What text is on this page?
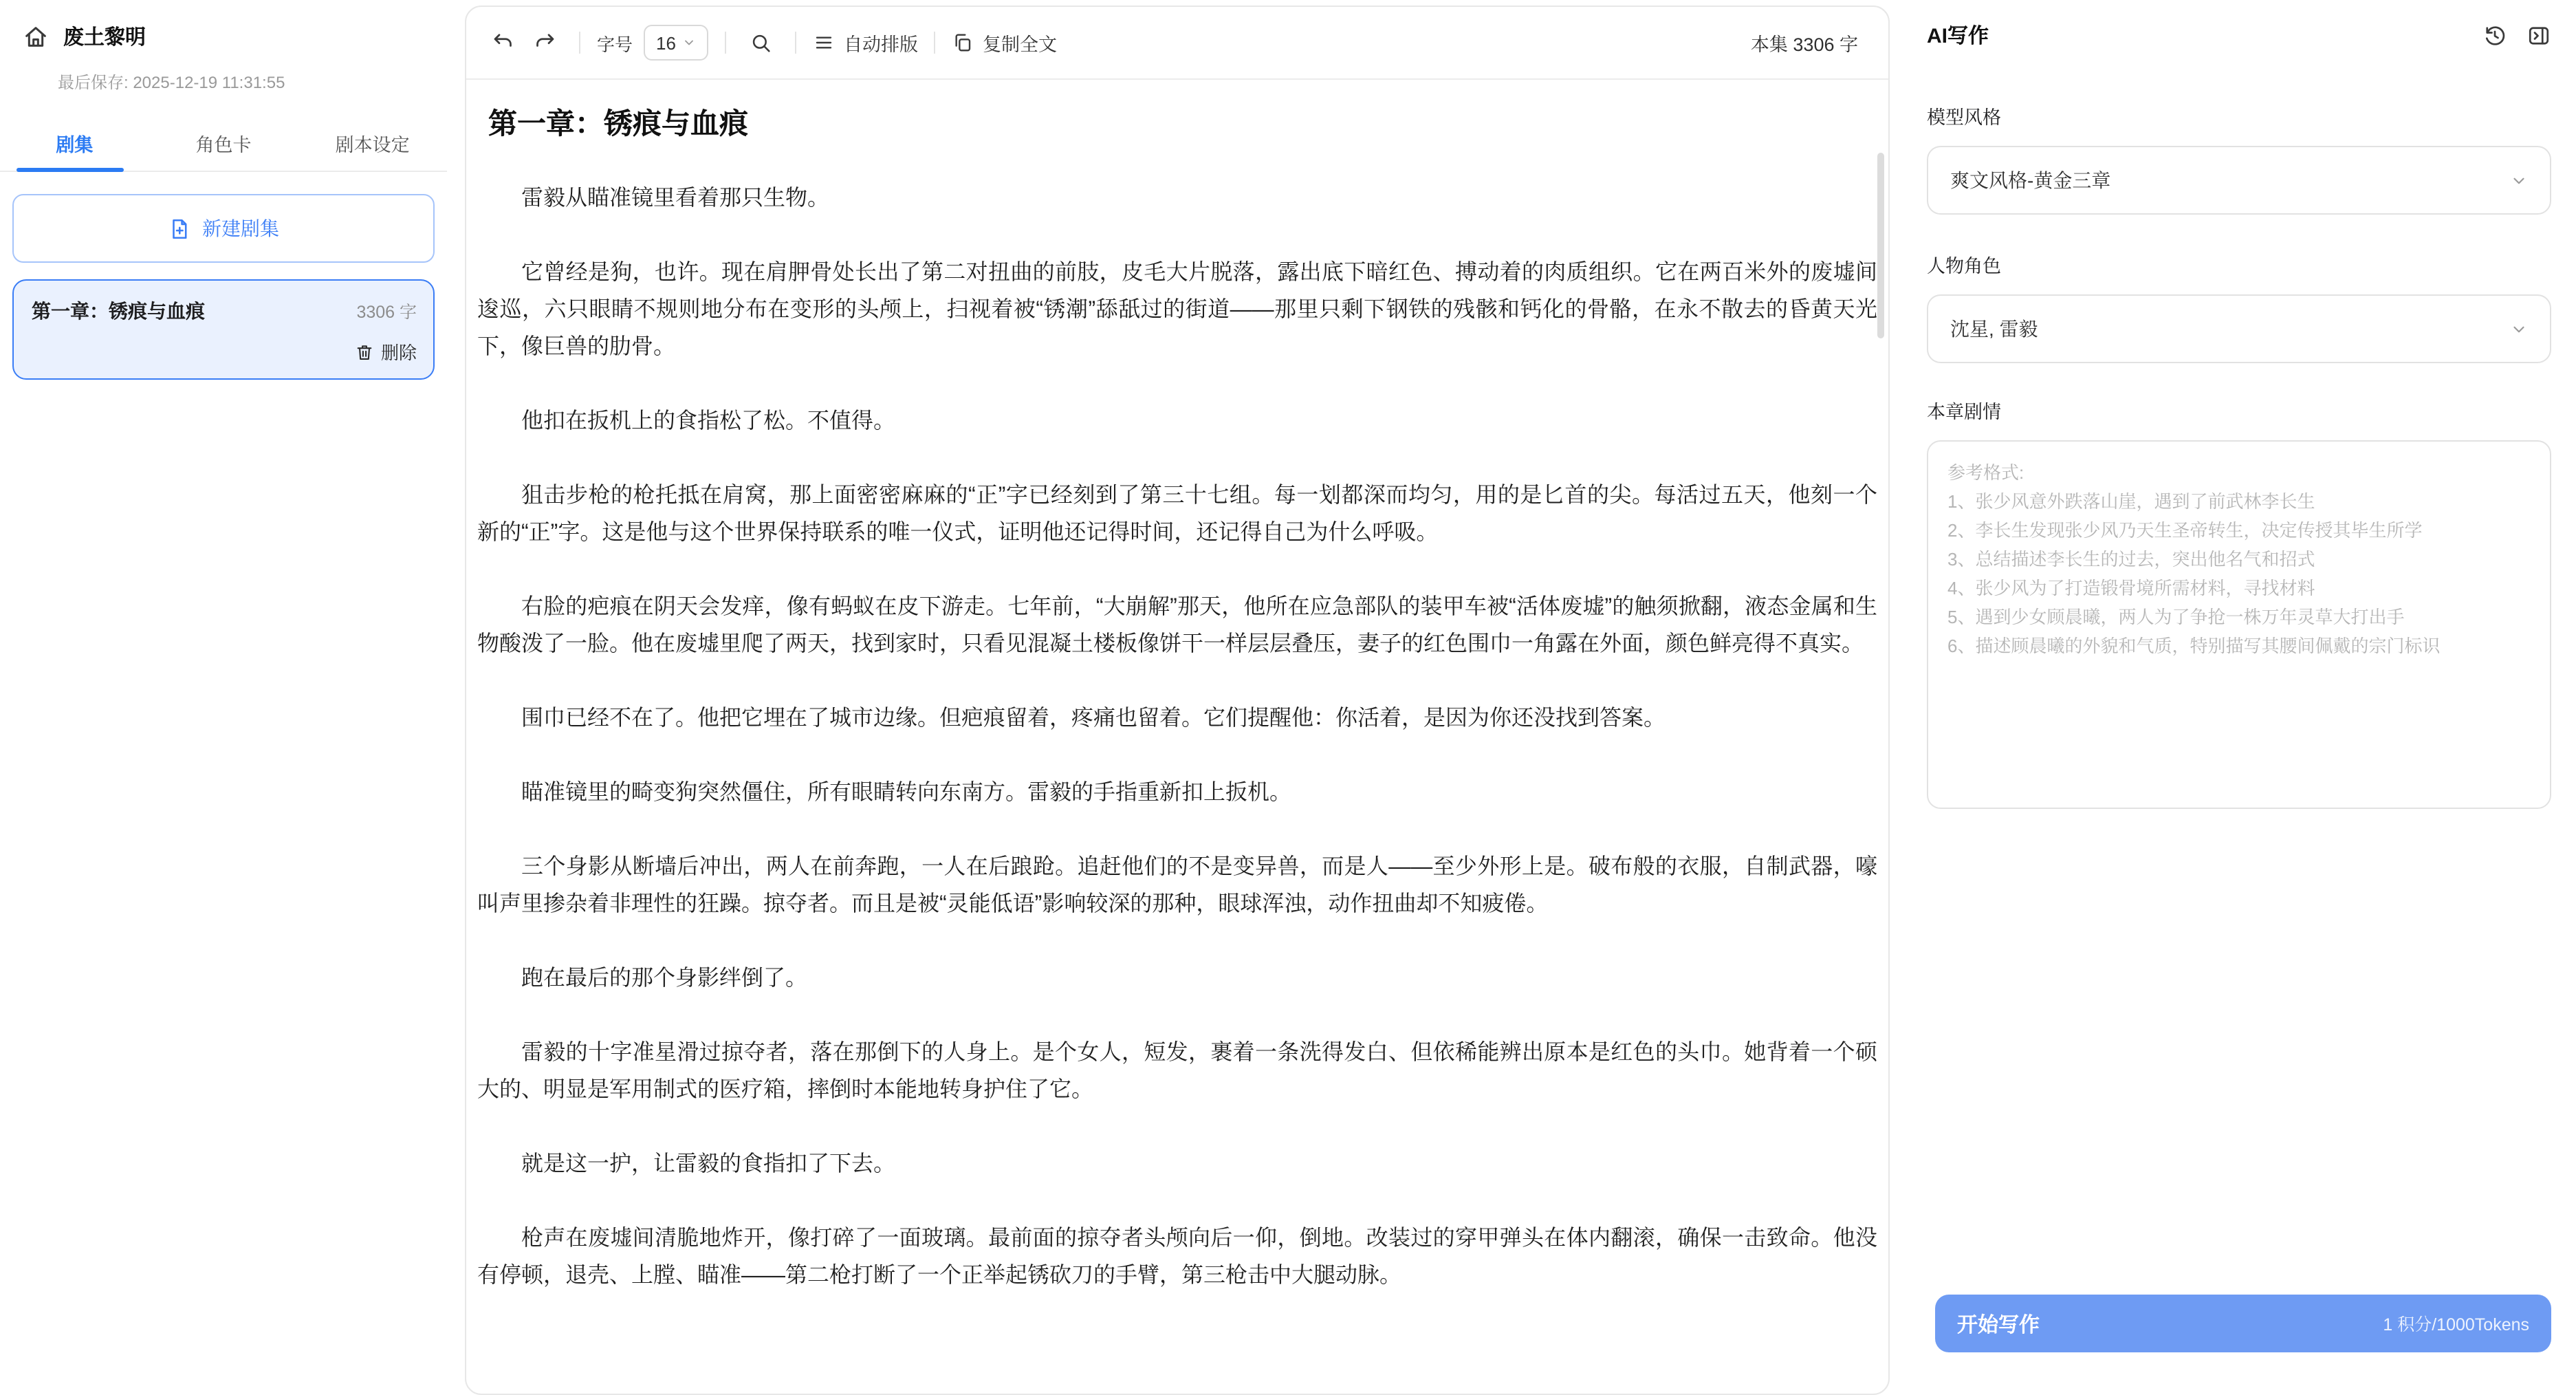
废土黎明
最后保存: 2025-12-19 11:31:55
剧集	角色卡	剧本设定
新建剧集
第一章：锈痕与血痕	3306 字
删除
字号	16	自动排版	复制全文	本集 3306 字
第一章：锈痕与血痕

雷毅从瞄准镜里看着那只生物。

它曾经是狗，也许。现在肩胛骨处长出了第二对扭曲的前肢，皮毛大片脱落，露出底下暗红色、搏动着的肉质组织。它在两百米外的废墟间逡巡，六只眼睛不规则地分布在变形的头颅上，扫视着被“锈潮”舔舐过的街道——那里只剩下钢铁的残骸和钙化的骨骼，在永不散去的昏黄天光下，像巨兽的肋骨。

他扣在扳机上的食指松了松。不值得。

狙击步枪的枪托抵在肩窝，那上面密密麻麻的“正”字已经刻到了第三十七组。每一划都深而均匀，用的是匕首的尖。每活过五天，他刻一个新的“正”字。这是他与这个世界保持联系的唯一仪式，证明他还记得时间，还记得自己为什么呼吸。

右脸的疤痕在阴天会发痒，像有蚂蚁在皮下游走。七年前，“大崩解”那天，他所在应急部队的装甲车被“活体废墟”的触须掀翻，液态金属和生物酸泼了一脸。他在废墟里爬了两天，找到家时，只看见混凝土楼板像饼干一样层层叠压，妻子的红色围巾一角露在外面，颜色鲜亮得不真实。

围巾已经不在了。他把它埋在了城市边缘。但疤痕留着，疼痛也留着。它们提醒他：你活着，是因为你还没找到答案。

瞄准镜里的畸变狗突然僵住，所有眼睛转向东南方。雷毅的手指重新扣上扳机。

三个身影从断墙后冲出，两人在前奔跑，一人在后踉跄。追赶他们的不是变异兽，而是人——至少外形上是。破布般的衣服，自制武器，嚎叫声里掺杂着非理性的狂躁。掠夺者。而且是被“灵能低语”影响较深的那种，眼球浑浊，动作扭曲却不知疲倦。

跑在最后的那个身影绊倒了。

雷毅的十字准星滑过掠夺者，落在那倒下的人身上。是个女人，短发，裹着一条洗得发白、但依稀能辨出原本是红色的头巾。她背着一个硕大的、明显是军用制式的医疗箱，摔倒时本能地转身护住了它。

就是这一护，让雷毅的食指扣了下去。

枪声在废墟间清脆地炸开，像打碎了一面玻璃。最前面的掠夺者头颅向后一仰，倒地。改装过的穿甲弹头在体内翻滚，确保一击致命。他没有停顿，退壳、上膛、瞄准——第二枪打断了一个正举起锈砍刀的手臂，第三枪击中大腿动脉。

AI写作
模型风格
爽文风格-黄金三章
人物角色
沈星, 雷毅
本章剧情
参考格式: 1、张少风意外跌落山崖，遇到了前武林李长生 2、李长生发现张少风乃天生圣帝转生，决定传授其毕生所学 3、总结描述李长生的过去，突出他名气和招式 4、张少风为了打造锻骨境所需材料，寻找材料 5、遇到少女顾晨曦，两人为了争抢一株万年灵草大打出手 6、描述顾晨曦的外貌和气质，特别描写其腰间佩戴的宗门标识
开始写作	1 积分/1000Tokens
